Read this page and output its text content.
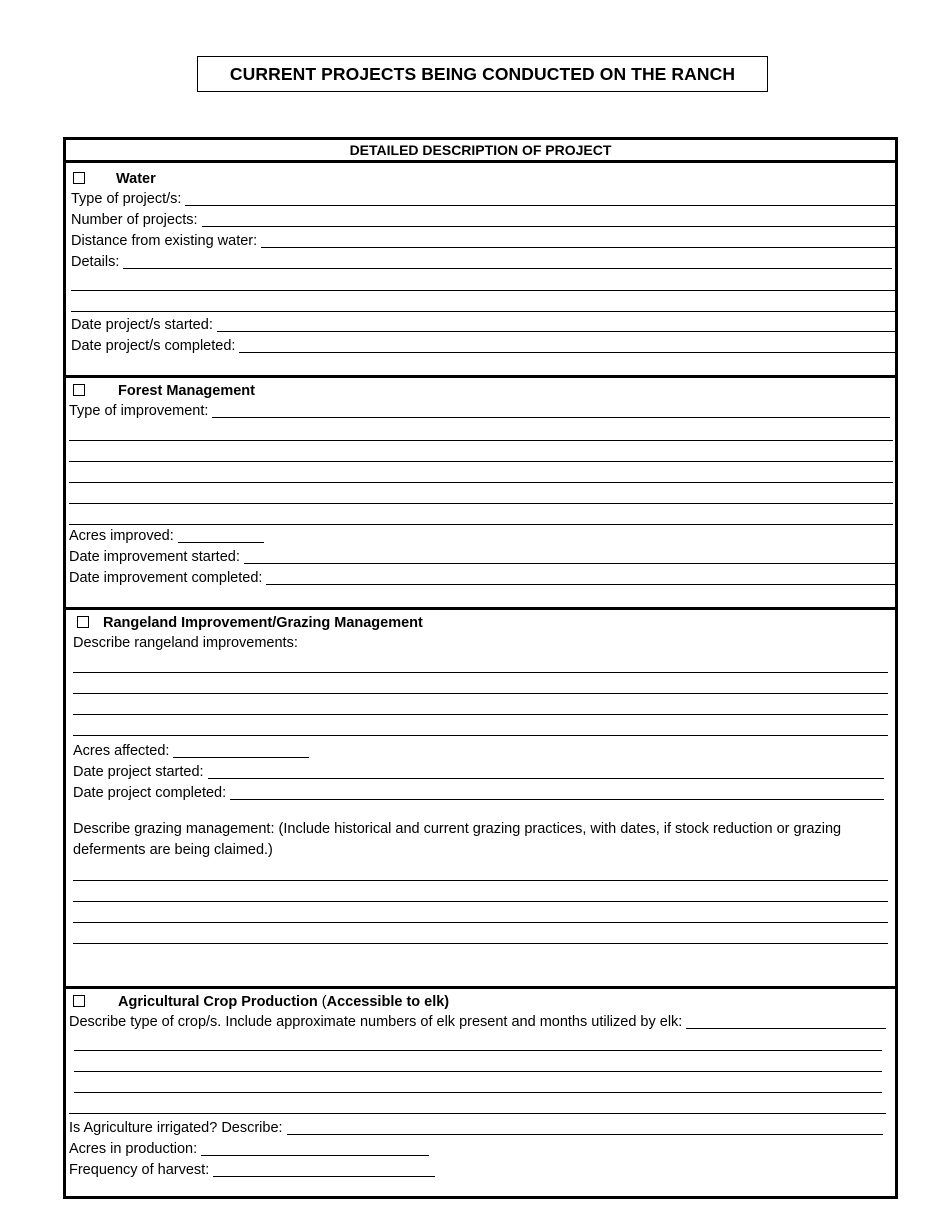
CURRENT PROJECTS BEING CONDUCTED ON THE RANCH
DETAILED DESCRIPTION OF PROJECT
Water
Type of project/s:
Number of projects:
Distance from existing water:
Details:
Date project/s started:
Date project/s completed:
Forest Management
Type of improvement:
Acres improved:
Date improvement started:
Date improvement completed:
Rangeland Improvement/Grazing Management
Describe rangeland improvements:
Acres affected:
Date project started:
Date project completed:
Describe grazing management: (Include historical and current grazing practices, with dates, if stock reduction or grazing deferments are being claimed.)
Agricultural Crop Production (Accessible to elk)
Describe type of crop/s. Include approximate numbers of elk present and months utilized by elk:
Is Agriculture irrigated? Describe:
Acres in production:
Frequency of harvest:
